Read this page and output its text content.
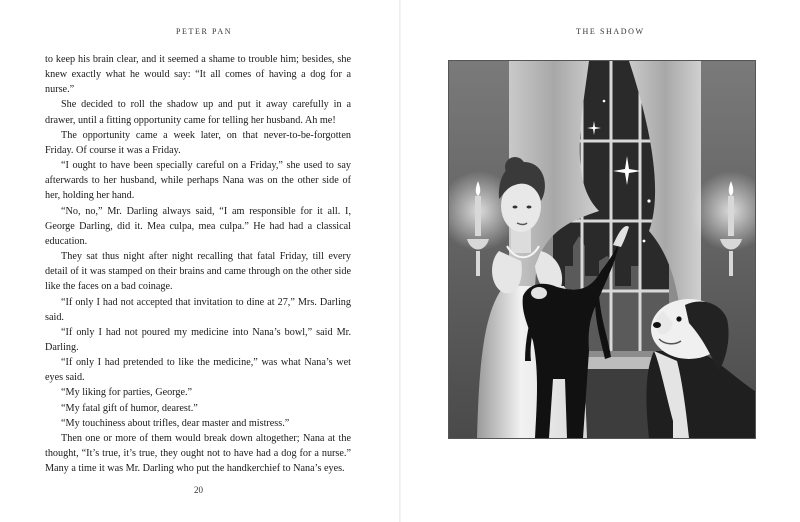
PETER PAN

to keep his brain clear, and it seemed a shame to trouble him; besides, she knew exactly what he would say: “It all comes of having a dog for a nurse.”

She decided to roll the shadow up and put it away carefully in a drawer, until a fitting opportunity came for telling her husband. Ah me!

The opportunity came a week later, on that never-to-be-forgotten Friday. Of course it was a Friday.

“I ought to have been specially careful on a Friday,” she used to say afterwards to her husband, while perhaps Nana was on the other side of her, holding her hand.

“No, no,” Mr. Darling always said, “I am responsible for it all. I, George Darling, did it. Mea culpa, mea culpa.” He had had a classical education.

They sat thus night after night recalling that fatal Friday, till every detail of it was stamped on their brains and came through on the other side like the faces on a bad coinage.

“If only I had not accepted that invitation to dine at 27,” Mrs. Darling said.

“If only I had not poured my medicine into Nana’s bowl,” said Mr. Darling.

“If only I had pretended to like the medicine,” was what Nana’s wet eyes said.

“My liking for parties, George.”

“My fatal gift of humor, dearest.”

“My touchiness about trifles, dear master and mistress.”

Then one or more of them would break down altogether; Nana at the thought, “It’s true, it’s true, they ought not to have had a dog for a nurse.” Many a time it was Mr. Darling who put the handkerchief to Nana’s eyes.

20
THE SHADOW
